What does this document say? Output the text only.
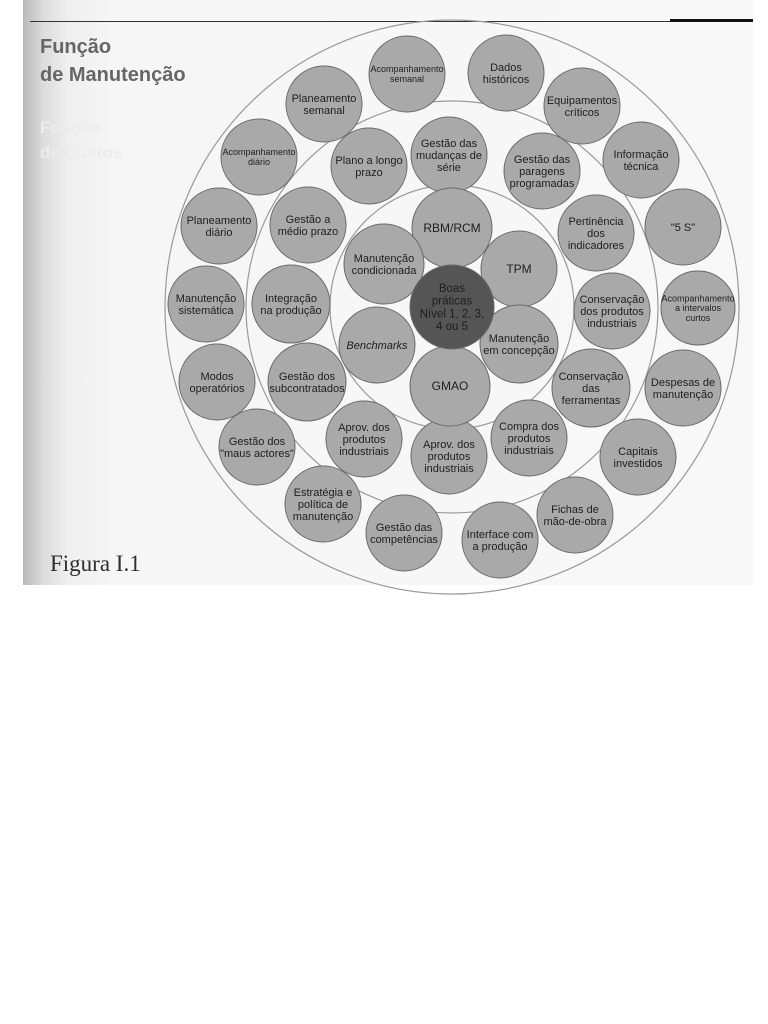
Função
de Manutenção
Função
de Custos
Dados
históricos
Equipamentos
críticos
Informação
técnica
"5 S"
Acompanhamento
a intervalos
curtos
Despesas de
manutenção
Capitais
investidos
Fichas de
mão-de-obra
Interface com
a produção
Gestão das
competências
Estratégia e
política de
manutenção
Gestão dos
"maus actores"
Modos
operatórios
Manutenção
sistemática
Planeamento
diário
Acompanhamento
diário
Planeamento
semanal
Acompanhamento
semanal
Gestão das
mudanças de
série
Gestão das
paragens
programadas
Pertinência
dos
indicadores
Conservação
dos produtos
industriais
Conservação
das
ferramentas
Compra dos
produtos
industriais
Aprov. dos
produtos
industriais
Aprov. dos
produtos
industriais
Gestão dos
subcontratados
Integração
na produção
Gestão a
médio prazo
Plano a longo
prazo
RBM/RCM
TPM
Manutenção
em concepção
GMAO
Benchmarks
Manutenção
condicionada
Boas
práticas
Nível 1, 2, 3,
4 ou 5
Figura I.1
